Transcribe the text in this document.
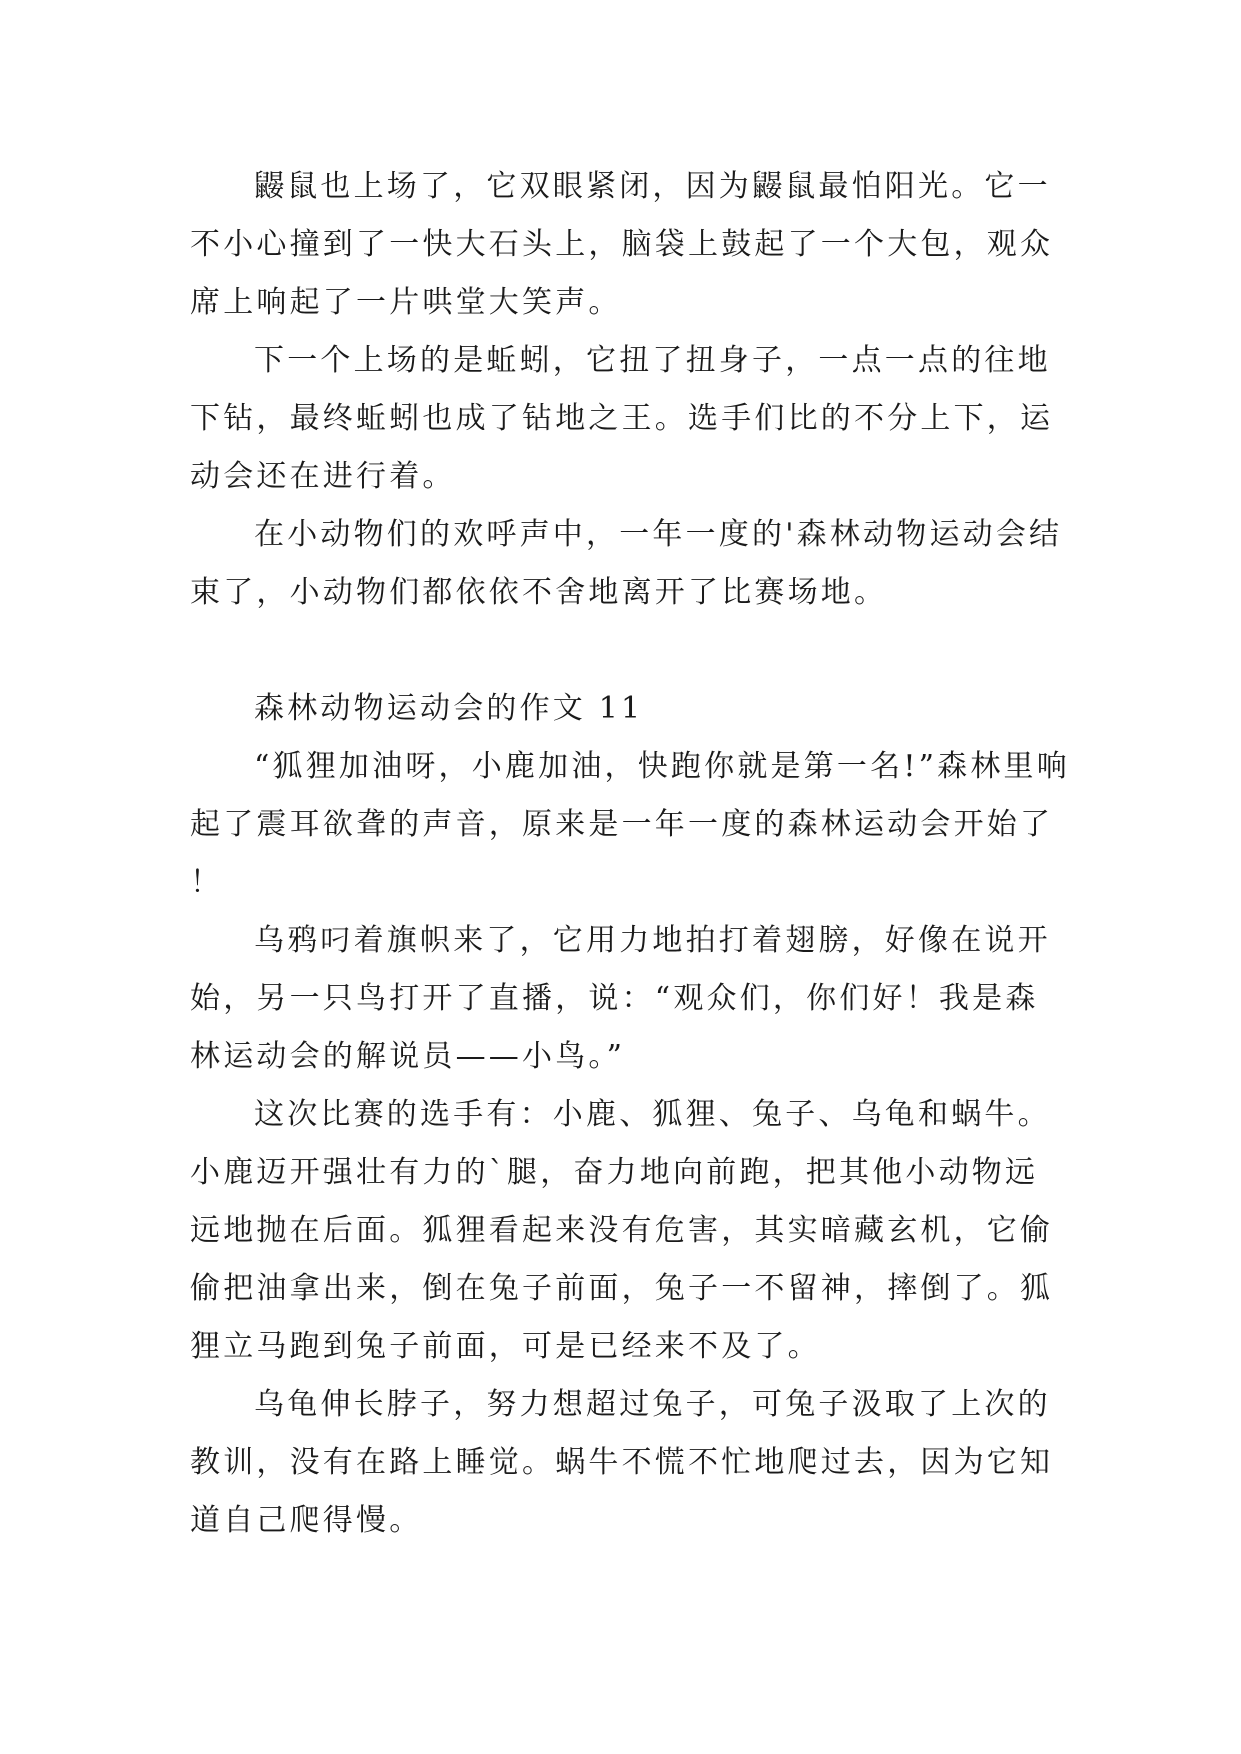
鼹鼠也上场了，它双眼紧闭，因为鼹鼠最怕阳光。它一不小心撞到了一快大石头上，脑袋上鼓起了一个大包，观众席上响起了一片哄堂大笑声。

下一个上场的是蚯蚓，它扭了扭身子，一点一点的往地下钻，最终蚯蚓也成了钻地之王。选手们比的不分上下，运动会还在进行着。

在小动物们的欢呼声中，一年一度的'森林动物运动会结束了，小动物们都依依不舍地离开了比赛场地。

森林动物运动会的作文 11

“狐狸加油呀，小鹿加油，快跑你就是第一名!”森林里响起了震耳欲聋的声音，原来是一年一度的森林运动会开始了！

乌鸦叼着旗帜来了，它用力地拍打着翅膀，好像在说开始，另一只鸟打开了直播，说：“观众们，你们好！我是森林运动会的解说员——小鸟。”

这次比赛的选手有：小鹿、狐狸、兔子、乌龟和蜗牛。小鹿迈开强壮有力的`腿，奋力地向前跑，把其他小动物远远地抛在后面。狐狸看起来没有危害，其实暗藏玄机，它偷偷把油拿出来，倒在兔子前面，兔子一不留神，摔倒了。狐狸立马跑到兔子前面，可是已经来不及了。

乌龟伸长脖子，努力想超过兔子，可兔子汲取了上次的教训，没有在路上睡觉。蜗牛不慌不忙地爬过去，因为它知道自己爬得慢。
